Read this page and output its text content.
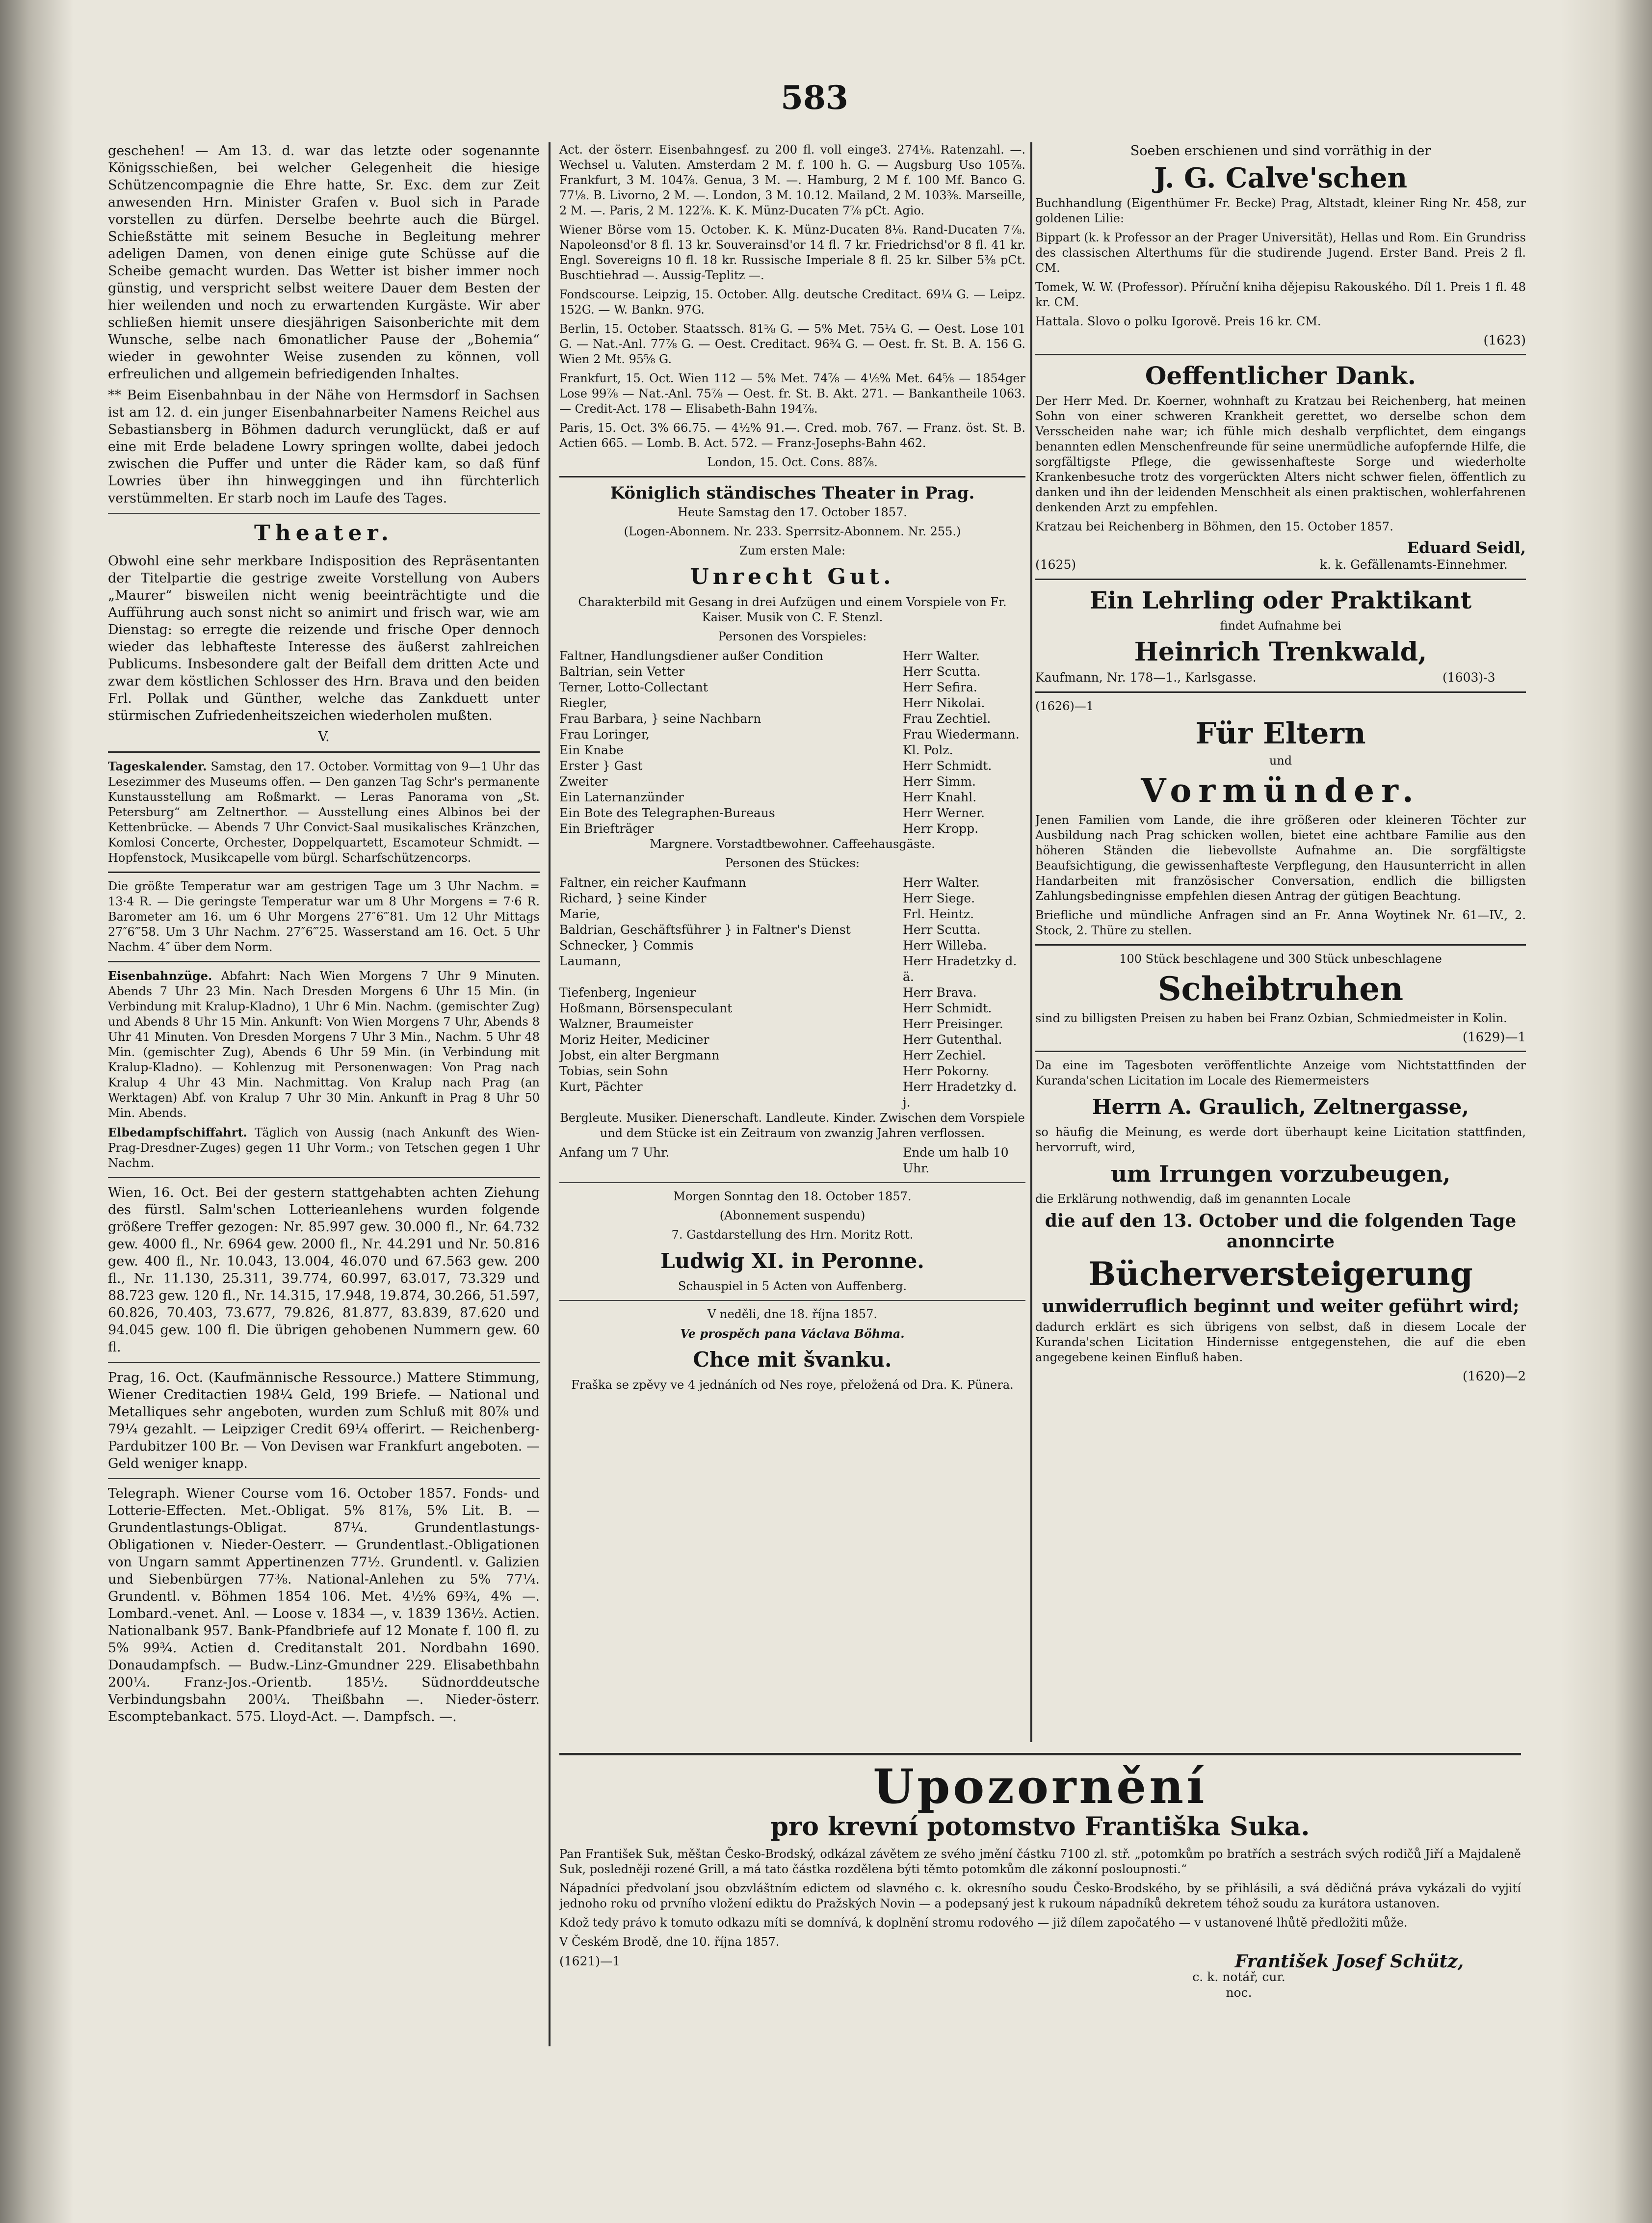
583

geschehen! — Am 13. d. war das letzte oder sogenannte Königsschießen, bei welcher Gelegenheit die hiesige Schützencompagnie die Ehre hatte, Sr. Exc. dem zur Zeit anwesenden Hrn. Minister Grafen v. Buol sich in Parade vorstellen zu dürfen. Derselbe beehrte auch die Bürgel. Schießstätte mit seinem Besuche in Begleitung mehrer adeligen Damen, von denen einige gute Schüsse auf die Scheibe gemacht wurden. Das Wetter ist bisher immer noch günstig, und verspricht selbst weitere Dauer dem Besten der hier weilenden und noch zu erwartenden Kurgäste. Wir aber schließen hiemit unsere diesjährigen Saisonberichte mit dem Wunsche, selbe nach 6monatlicher Pause der „Bohemia“ wieder in gewohnter Weise zusenden zu können, voll erfreulichen und allgemein befriedigenden Inhaltes.

** Beim Eisenbahnbau in der Nähe von Hermsdorf in Sachsen ist am 12. d. ein junger Eisenbahnarbeiter Namens Reichel aus Sebastiansberg in Böhmen dadurch verunglückt, daß er auf eine mit Erde beladene Lowry springen wollte, dabei jedoch zwischen die Puffer und unter die Räder kam, so daß fünf Lowries über ihn hinweggingen und ihn fürchterlich verstümmelten. Er starb noch im Laufe des Tages.

Theater.

Obwohl eine sehr merkbare Indisposition des Repräsentanten der Titelpartie die gestrige zweite Vorstellung von Aubers „Maurer“ bisweilen nicht wenig beeinträchtigte und die Aufführung auch sonst nicht so animirt und frisch war, wie am Dienstag: so erregte die reizende und frische Oper dennoch wieder das lebhafteste Interesse des äußerst zahlreichen Publicums. Insbesondere galt der Beifall dem dritten Acte und zwar dem köstlichen Schlosser des Hrn. Brava und den beiden Frl. Pollak und Günther, welche das Zankduett unter stürmischen Zufriedenheitszeichen wiederholen mußten.

V.

Tageskalender. Samstag, den 17. October. Vormittag von 9—1 Uhr das Lesezimmer des Museums offen. — Den ganzen Tag Schr's permanente Kunstausstellung am Roßmarkt. — Leras Panorama von „St. Petersburg“ am Zeltnerthor. — Ausstellung eines Albinos bei der Kettenbrücke. — Abends 7 Uhr Convict-Saal musikalisches Kränzchen, Komlosi Concerte, Orchester, Doppelquartett, Escamoteur Schmidt. — Hopfenstock, Musikcapelle vom bürgl. Scharfschützencorps.

Die größte Temperatur war am gestrigen Tage um 3 Uhr Nachm. = 13·4 R. — Die geringste Temperatur war um 8 Uhr Morgens = 7·6 R. Barometer am 16. um 6 Uhr Morgens 27″6‴81. Um 12 Uhr Mittags 27″6‴58. Um 3 Uhr Nachm. 27″6‴25. Wasserstand am 16. Oct. 5 Uhr Nachm. 4″ über dem Norm.

Eisenbahnzüge. Abfahrt: Nach Wien Morgens 7 Uhr 9 Minuten. Abends 7 Uhr 23 Min. Nach Dresden Morgens 6 Uhr 15 Min. (in Verbindung mit Kralup-Kladno), 1 Uhr 6 Min. Nachm. (gemischter Zug) und Abends 8 Uhr 15 Min. Ankunft: Von Wien Morgens 7 Uhr, Abends 8 Uhr 41 Minuten. Von Dresden Morgens 7 Uhr 3 Min., Nachm. 5 Uhr 48 Min. (gemischter Zug), Abends 6 Uhr 59 Min. (in Verbindung mit Kralup-Kladno). — Kohlenzug mit Personenwagen: Von Prag nach Kralup 4 Uhr 43 Min. Nachmittag. Von Kralup nach Prag (an Werktagen) Abf. von Kralup 7 Uhr 30 Min. Ankunft in Prag 8 Uhr 50 Min. Abends.

Elbedampfschiffahrt. Täglich von Aussig (nach Ankunft des Wien-Prag-Dresdner-Zuges) gegen 11 Uhr Vorm.; von Tetschen gegen 1 Uhr Nachm.

Wien, 16. Oct. Bei der gestern stattgehabten achten Ziehung des fürstl. Salm'schen Lotterieanlehens wurden folgende größere Treffer gezogen: Nr. 85.997 gew. 30.000 fl., Nr. 64.732 gew. 4000 fl., Nr. 6964 gew. 2000 fl., Nr. 44.291 und Nr. 50.816 gew. 400 fl., Nr. 10.043, 13.004, 46.070 und 67.563 gew. 200 fl., Nr. 11.130, 25.311, 39.774, 60.997, 63.017, 73.329 und 88.723 gew. 120 fl., Nr. 14.315, 17.948, 19.874, 30.266, 51.597, 60.826, 70.403, 73.677, 79.826, 81.877, 83.839, 87.620 und 94.045 gew. 100 fl. Die übrigen gehobenen Nummern gew. 60 fl.

Prag, 16. Oct. (Kaufmännische Ressource.) Mattere Stimmung, Wiener Creditactien 198¼ Geld, 199 Briefe. — National und Metalliques sehr angeboten, wurden zum Schluß mit 80⅞ und 79¼ gezahlt. — Leipziger Credit 69¼ offerirt. — Reichenberg-Pardubitzer 100 Br. — Von Devisen war Frankfurt angeboten. — Geld weniger knapp.

Telegraph. Wiener Course vom 16. October 1857. Fonds- und Lotterie-Effecten. Met.-Obligat. 5% 81⅞, 5% Lit. B. — Grundentlastungs-Obligat. 87¼. Grundentlastungs-Obligationen v. Nieder-Oesterr. — Grundentlast.-Obligationen von Ungarn sammt Appertinenzen 77½. Grundentl. v. Galizien und Siebenbürgen 77⅜. National-Anlehen zu 5% 77¼. Grundentl. v. Böhmen 1854 106. Met. 4½% 69¾, 4% —. Lombard.-venet. Anl. — Loose v. 1834 —, v. 1839 136½. Actien. Nationalbank 957. Bank-Pfandbriefe auf 12 Monate f. 100 fl. zu 5% 99¾. Actien d. Creditanstalt 201. Nordbahn 1690. Donaudampfsch. — Budw.-Linz-Gmundner 229. Elisabethbahn 200¼. Franz-Jos.-Orientb. 185½. Südnorddeutsche Verbindungsbahn 200¼. Theißbahn —. Nieder-österr. Escomptebankact. 575. Lloyd-Act. —. Dampfsch. —.

Act. der österr. Eisenbahngesf. zu 200 fl. voll einge3. 274⅛. Ratenzahl. —. Wechsel u. Valuten. Amsterdam 2 M. f. 100 h. G. — Augsburg Uso 105⅞. Frankfurt, 3 M. 104⅞. Genua, 3 M. —. Hamburg, 2 M f. 100 Mf. Banco G. 77⅛. B. Livorno, 2 M. —. London, 3 M. 10.12. Mailand, 2 M. 103⅜. Marseille, 2 M. —. Paris, 2 M. 122⅞. K. K. Münz-Ducaten 7⅞ pCt. Agio.

Wiener Börse vom 15. October. K. K. Münz-Ducaten 8⅛. Rand-Ducaten 7⅞. Napoleonsd'or 8 fl. 13 kr. Souverainsd'or 14 fl. 7 kr. Friedrichsd'or 8 fl. 41 kr. Engl. Sovereigns 10 fl. 18 kr. Russische Imperiale 8 fl. 25 kr. Silber 5⅜ pCt. Buschtiehrad —. Aussig-Teplitz —.

Fondscourse. Leipzig, 15. October. Allg. deutsche Creditact. 69¼ G. — Leipz. 152G. — W. Bankn. 97G.

Berlin, 15. October. Staatssch. 81⅝ G. — 5% Met. 75¼ G. — Oest. Lose 101 G. — Nat.-Anl. 77⅞ G. — Oest. Creditact. 96¾ G. — Oest. fr. St. B. A. 156 G. Wien 2 Mt. 95⅝ G.

Frankfurt, 15. Oct. Wien 112 — 5% Met. 74⅞ — 4½% Met. 64⅝ — 1854ger Lose 99⅞ — Nat.-Anl. 75⅞ — Oest. fr. St. B. Akt. 271. — Bankantheile 1063. — Credit-Act. 178 — Elisabeth-Bahn 194⅞.

Paris, 15. Oct. 3% 66.75. — 4½% 91.—. Cred. mob. 767. — Franz. öst. St. B. Actien 665. — Lomb. B. Act. 572. — Franz-Josephs-Bahn 462.

London, 15. Oct. Cons. 88⅞.

Königlich ständisches Theater in Prag.

Heute Samstag den 17. October 1857.

(Logen-Abonnem. Nr. 233. Sperrsitz-Abonnem. Nr. 255.)

Zum ersten Male:

Unrecht Gut.

Charakterbild mit Gesang in drei Aufzügen und einem Vorspiele von Fr. Kaiser. Musik von C. F. Stenzl.

Personen des Vorspieles:

Faltner, Handlungsdiener außer Condition	Herr Walter.
Baltrian, sein Vetter	Herr Scutta.
Terner, Lotto-Collectant	Herr Sefira.
Riegler,	Herr Nikolai.
Frau Barbara, } seine Nachbarn	Frau Zechtiel.
Frau Loringer,	Frau Wiedermann.
Ein Knabe	Kl. Polz.
Erster } Gast	Herr Schmidt.
Zweiter	Herr Simm.
Ein Laternanzünder	Herr Knahl.
Ein Bote des Telegraphen-Bureaus	Herr Werner.
Ein Briefträger	Herr Kropp.

Margnere. Vorstadtbewohner. Caffeehausgäste.

Personen des Stückes:

Faltner, ein reicher Kaufmann	Herr Walter.
Richard, } seine Kinder	Herr Siege.
Marie,	Frl. Heintz.
Baldrian, Geschäftsführer } in Faltner's Dienst	Herr Scutta.
Schnecker, } Commis	Herr Willeba.
Laumann,	Herr Hradetzky d. ä.
Tiefenberg, Ingenieur	Herr Brava.
Hoßmann, Börsenspeculant	Herr Schmidt.
Walzner, Braumeister	Herr Preisinger.
Moriz Heiter, Mediciner	Herr Gutenthal.
Jobst, ein alter Bergmann	Herr Zechiel.
Tobias, sein Sohn	Herr Pokorny.
Kurt, Pächter	Herr Hradetzky d. j.

Bergleute. Musiker. Dienerschaft. Landleute. Kinder. Zwischen dem Vorspiele und dem Stücke ist ein Zeitraum von zwanzig Jahren verflossen.

Anfang um 7 Uhr.	Ende um halb 10 Uhr.

Morgen Sonntag den 18. October 1857.

(Abonnement suspendu)

7. Gastdarstellung des Hrn. Moritz Rott.

Ludwig XI. in Peronne.

Schauspiel in 5 Acten von Auffenberg.

V neděli, dne 18. října 1857.

Ve prospěch pana Václava Böhma.

Chce mit švanku.

Fraška se zpěvy ve 4 jednáních od Nes roye, přeložená od Dra. K. Pünera.

Soeben erschienen und sind vorräthig in der

J. G. Calve'schen

Buchhandlung (Eigenthümer Fr. Becke) Prag, Altstadt, kleiner Ring Nr. 458, zur goldenen Lilie:

Bippart (k. k Professor an der Prager Universität), Hellas und Rom. Ein Grundriss des classischen Alterthums für die studirende Jugend. Erster Band. Preis 2 fl. CM.

Tomek, W. W. (Professor). Příruční kniha dějepisu Rakouského. Díl 1. Preis 1 fl. 48 kr. CM.

Hattala. Slovo o polku Igorově. Preis 16 kr. CM.

(1623)
Oeffentlicher Dank.

Der Herr Med. Dr. Koerner, wohnhaft zu Kratzau bei Reichenberg, hat meinen Sohn von einer schweren Krankheit gerettet, wo derselbe schon dem Versscheiden nahe war; ich fühle mich deshalb verpflichtet, dem eingangs benannten edlen Menschenfreunde für seine unermüdliche aufopfernde Hilfe, die sorgfältigste Pflege, die gewissenhafteste Sorge und wiederholte Krankenbesuche trotz des vorgerückten Alters nicht schwer fielen, öffentlich zu danken und ihn der leidenden Menschheit als einen praktischen, wohlerfahrenen denkenden Arzt zu empfehlen.

Kratzau bei Reichenberg in Böhmen, den 15. October 1857.

Eduard Seidl,
(1625)	k. k. Gefällenamts-Einnehmer.
Ein Lehrling oder Praktikant

findet Aufnahme bei

Heinrich Trenkwald,
Kaufmann, Nr. 178—1., Karlsgasse.	(1603)-3
(1626)—1
Für Eltern

und

Vormünder.

Jenen Familien vom Lande, die ihre größeren oder kleineren Töchter zur Ausbildung nach Prag schicken wollen, bietet eine achtbare Familie aus den höheren Ständen die liebevollste Aufnahme an. Die sorgfältigste Beaufsichtigung, die gewissenhafteste Verpflegung, den Hausunterricht in allen Handarbeiten mit französischer Conversation, endlich die billigsten Zahlungsbedingnisse empfehlen diesen Antrag der gütigen Beachtung.

Briefliche und mündliche Anfragen sind an Fr. Anna Woytinek Nr. 61—IV., 2. Stock, 2. Thüre zu stellen.

100 Stück beschlagene und 300 Stück unbeschlagene

Scheibtruhen

sind zu billigsten Preisen zu haben bei Franz Ozbian, Schmiedmeister in Kolin.

(1629)—1

Da eine im Tagesboten veröffentlichte Anzeige vom Nichtstattfinden der Kuranda'schen Licitation im Locale des Riemermeisters

Herrn A. Graulich, Zeltnergasse,

so häufig die Meinung, es werde dort überhaupt keine Licitation stattfinden, hervorruft, wird,

um Irrungen vorzubeugen,

die Erklärung nothwendig, daß im genannten Locale

die auf den 13. October und die folgenden Tage anonncirte
Bücherversteigerung
unwiderruflich beginnt und weiter geführt wird;

dadurch erklärt es sich übrigens von selbst, daß in diesem Locale der Kuranda'schen Licitation Hindernisse entgegenstehen, die auf die eben angegebene keinen Einfluß haben.

(1620)—2
Upozornění
pro krevní potomstvo Františka Suka.

Pan František Suk, měštan Česko-Brodský, odkázal závětem ze svého jmění částku 7100 zl. stř. „potomkům po bratřích a sestrách svých rodičů Jiří a Majdaleně Suk, posledněji rozené Grill, a má tato částka rozdělena býti těmto potomkům dle zákonní posloupnosti.“

Nápadníci předvolaní jsou obzvláštním edictem od slavného c. k. okresního soudu Česko-Brodského, by se přihlásili, a svá dědičná práva vykázali do vyjití jednoho roku od prvního vložení ediktu do Pražských Novin — a podepsaný jest k rukoum nápadníků dekretem téhož soudu za kurátora ustanoven.

Kdož tedy právo k tomuto odkazu míti se domnívá, k doplnění stromu rodového — již dílem započatého — v ustanovené lhůtě předložiti může.

V Českém Brodě, dne 10. října 1857.

(1621)—1	František Josef Schütz,
c. k. notář, cur. noc.
